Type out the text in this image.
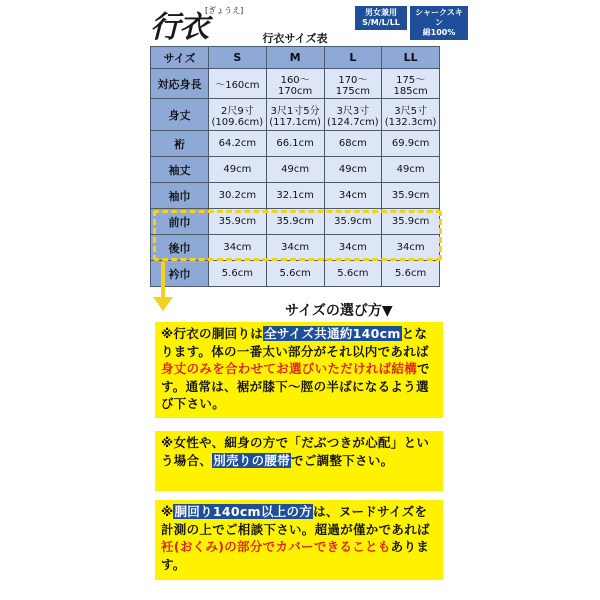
行衣
[ぎょうえ]	男女兼用
S/M/L/LL
シャークスキン
綿100%
行衣サイズ表
サイズ	S	M	L	LL
対応身長	～160cm	160～170cm	170～175cm	175～185cm
身丈	2尺9寸(109.6cm)	3尺1寸5分(117.1cm)	3尺3寸(124.7cm)	3尺5寸(132.3cm)
裄	64.2cm	66.1cm	68cm	69.9cm
袖丈	49cm	49cm	49cm	49cm
袖巾	30.2cm	32.1cm	34cm	35.9cm
前巾	35.9cm	35.9cm	35.9cm	35.9cm
後巾	34cm	34cm	34cm	34cm
衿巾	5.6cm	5.6cm	5.6cm	5.6cm
サイズの選び方▼
※行衣の胴回りは全サイズ共通約140cmとなります。体の一番太い部分がそれ以内であれば身丈のみを合わせてお選びいただければ結構です。通常は、裾が膝下～脛の半ばになるよう選び下さい。
※女性や、細身の方で「だぶつきが心配」という場合、別売りの腰帯でご調整下さい。
※胴回り140cm以上の方は、ヌードサイズを計測の上でご相談下さい。超過が僅かであれば衽(おくみ)の部分でカバーできることもあります。
